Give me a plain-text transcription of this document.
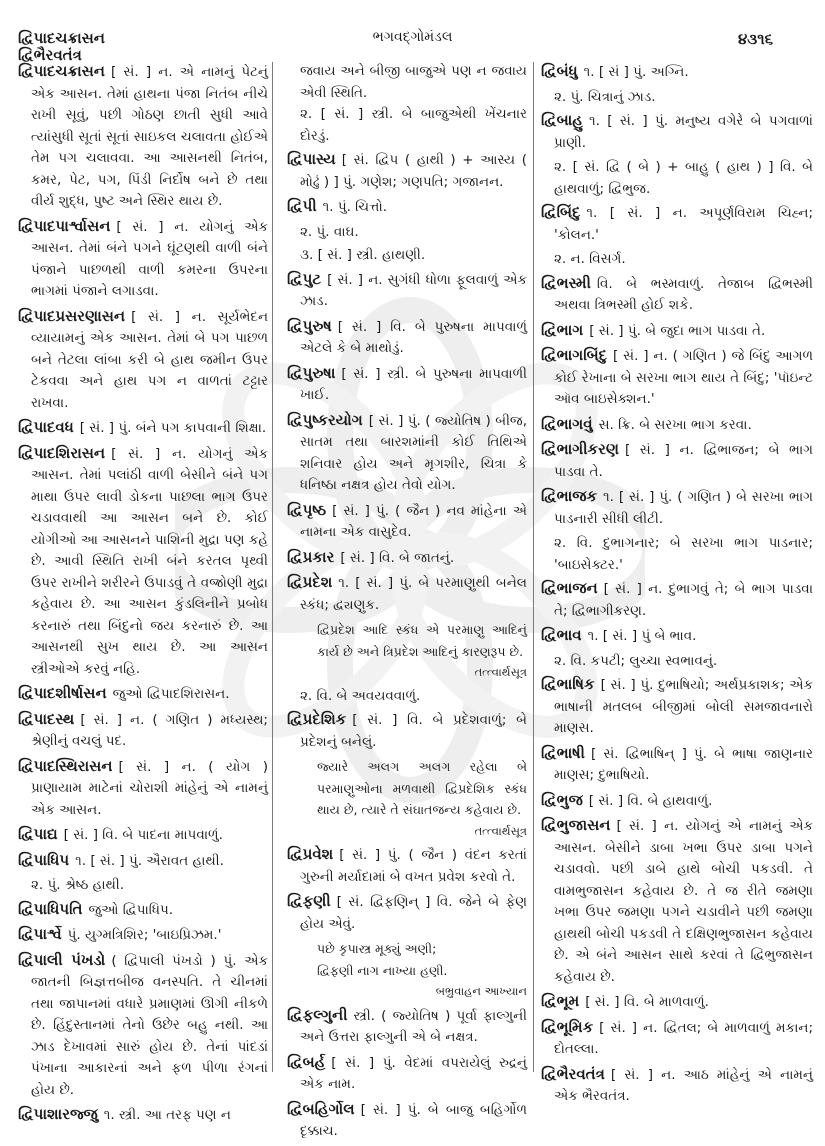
દ્વિપાદચક્રાસન
દ્વિભૈરવતંત્ર
ભગવદ્ગોમંડલ	૪૩૧૬
દ્વિપાદચક્રાસન [ સં. ] ન. એ નામનું પેટનું એક આસન. તેમાં હાથના પંજા નિતંબ નીચે રાખી સૂવું, પછી ગોઠણ છાતી સુધી આવે ત્યાંસુધી સૂતાં સૂતાં સાઇકલ ચલાવતા હોઈએ તેમ પગ ચલાવવા. આ આસનથી નિતંબ, કમર, પેટ, પગ, પિંડી નિર્દોષ બને છે તથા વીર્ય શુદ્ધ, પુષ્ટ અને સ્થિર થાય છે.
દ્વિપાદપાર્શ્વાસન [ સં. ] ન. યોગનું એક આસન. તેમાં બંને પગને ઘૂંટણથી વાળી બંને પંજાને પાછળથી વાળી કમરના ઉપરના ભાગમાં પંજાને લગાડવા.
દ્વિપાદપ્રસરણાસન [ સં. ] ન. સૂર્યભેદન વ્યાયામનું એક આસન. તેમાં બે પગ પાછળ બને તેટલા લાંબા કરી બે હાથ જમીન ઉપર ટેકવવા અને હાથ પગ ન વાળતાં ટટ્ટાર રાખવા.
દ્વિપાદવધ [ સં. ] પું. બંને પગ કાપવાની શિક્ષા.
દ્વિપાદશિરાસન [ સં. ] ન. યોગનું એક આસન. તેમાં પલાંઠી વાળી બેસીને બંને પગ માથા ઉપર લાવી ડોકના પાછલા ભાગ ઉપર ચડાવવાથી આ આસન બને છે. કોઈ યોગીઓ આ આસનને પાશિની મુદ્રા પણ કહે છે. આવી સ્થિતિ રાખી બંને કરતલ પૃથ્વી ઉપર રાખીને શરીરને ઉપાડવું તે વજ્રોણી મુદ્રા કહેવાય છે. આ આસન કુંડલિનીને પ્રબોધ કરનારું તથા બિંદુનો જય કરનારું છે. આ આસનથી સુખ થાય છે. આ આસન સ્ત્રીઓએ કરવું નહિ.
દ્વિપાદશીર્ષાસન જુઓ દ્વિપાદશિરાસન.
દ્વિપાદસ્થ [ સં. ] ન. ( ગણિત ) મધ્યસ્થ; શ્રેણીનું વચલું પદ.
દ્વિપાદસ્થિરાસન [ સં. ] ન. ( યોગ ) પ્રાણાયામ માટેનાં ચોરાશી માંહેનું એ નામનું એક આસન.
દ્વિપાદ્ય [ સં. ] વિ. બે પાદના માપવાળું.
દ્વિપાધિપ ૧. [ સં. ] પું. ઐરાવત હાથી.
૨. પું. શ્રેષ્ઠ હાથી.
દ્વિપાધિપતિ જુઓ દ્વિપાધિપ.
દ્વિપાર્શ્વે પું. યુગ્મત્રિશિર; 'બાઇપ્રિઝમ.'
દ્વિપાલી પંખડો ( દ્વિપાલી પંખડો ) પું. એક જાતની બિજ્ઞત્તબીજ વનસ્પતિ. તે ચીનમાં તથા જાપાનમાં વધારે પ્રમાણમાં ઊગી નીકળે છે. હિંદુસ્તાનમાં તેનો ઉછેર બહુ નથી. આ ઝાડ દેખાવમાં સારું હોય છે. તેનાં પાંદડાં પંખાના આકારનાં અને ફળ પીળા રંગનાં હોય છે.
દ્વિપાશારજ્જુ ૧. સ્ત્રી. આ તરફ પણ ન
જવાય અને બીજી બાજુએ પણ ન જવાય એવી સ્થિતિ.
૨. [ સં. ] સ્ત્રી. બે બાજુએથી ખેંચનાર દોરડું.
દ્વિપાસ્ય [ સં. દ્વિપ ( હાથી ) + આસ્ય ( મોઢું ) ] પું. ગણેશ; ગણપતિ; ગજાનન.
દ્વિપી ૧. પું. ચિત્તો.
૨. પું. વાઘ.
૩. [ સં. ] સ્ત્રી. હાથણી.
દ્વિપુટ [ સં. ] ન. સુગંધી ધોળા ફૂલવાળું એક ઝાડ.
દ્વિપુરુષ [ સં. ] વિ. બે પુરુષના માપવાળું એટલે કે બે માથોડું.
દ્વિપુરુષા [ સં. ] સ્ત્રી. બે પુરુષના માપવાળી ખાઈ.
દ્વિપુષ્કરયોગ [ સં. ] પું. ( જ્યોતિષ ) બીજ, સાતમ તથા બારશમાંની કોઈ તિથિએ શનિવાર હોય અને મૃગશીર, ચિત્રા કે ધનિષ્ઠા નક્ષત્ર હોય તેવો યોગ.
દ્વિપૃષ્ઠ [ સં. ] પું. ( જૈન ) નવ માંહેના એ નામના એક વાસુદેવ.
દ્વિપ્રકાર [ સં. ] વિ. બે જાતનું.
દ્વિપ્રદેશ ૧. [ સં. ] પું. બે પરમાણુથી બનેલ સ્કંધ; દ્વ્યણુક.
દ્વિપ્રદેશ આદિ સ્કંધ એ પરમાણુ આદિનું કાર્ય છે અને ત્રિપ્રદેશ આદિનું કારણરૂપ છે.
તત્ત્વાર્થસૂત્ર
૨. વિ. બે અવયવવાળું.
દ્વિપ્રદેશિક [ સં. ] વિ. બે પ્રદેશવાળું; બે પ્રદેશનું બનેલું.
જ્યારે અલગ અલગ રહેલા બે પરમાણુઓના મળવાથી દ્વિપ્રદેશિક સ્કંધ થાય છે, ત્યારે તે સંઘાતજન્ય કહેવાય છે.
તત્ત્વાર્થસૂત્ર
દ્વિપ્રવેશ [ સં. ] પું. ( જૈન ) વંદન કરતાં ગુરુની મર્યાદામાં બે વખત પ્રવેશ કરવો તે.
દ્વિફણી [ સં. દ્વિફણિન્ ] વિ. જેને બે ફેણ હોય એવું.
પછે કૃપાસ્ત્ર મૂક્યું અણી;
દ્વિફણી નાગ નાખ્યા હણી.
બભ્રુવાહન આખ્યાન
દ્વિફલ્ગુની સ્ત્રી. ( જ્યોતિષ ) પૂર્વા ફાલ્ગુની અને ઉત્તરા ફાલ્ગુની એ બે નક્ષત્ર.
દ્વિબર્હ [ સં. ] પું. વેદમાં વપરાયેલું રુદ્રનું એક નામ.
દ્વિબહિર્ગોલ [ સં. ] પું. બે બાજુ બહિર્ગોળ દૃક્કાચ.
દ્વિબંધુ ૧. [ સં ] પું. અગ્નિ.
૨. પું. ચિત્રાનું ઝાડ.
દ્વિબાહુ ૧. [ સં. ] પું. મનુષ્ય વગેરે બે પગવાળાં પ્રાણી.
૨. [ સં. દ્વિ ( બે ) + બાહુ ( હાથ ) ] વિ. બે હાથવાળું; દ્વિભુજ.
દ્વિબિંદુ ૧. [ સં. ] ન. અપૂર્ણવિરામ ચિહ્ન; 'કોલન.'
૨. ન. વિસર્ગ.
દ્વિભસ્મી વિ. બે ભસ્મવાળું. તેજાબ દ્વિભસ્મી અથવા ત્રિભસ્મી હોઈ શકે.
દ્વિભાગ [ સં. ] પું. બે જુદા ભાગ પાડવા તે.
દ્વિભાગબિંદુ [ સં. ] ન. ( ગણિત ) જે બિંદુ આગળ કોઈ રેખાના બે સરખા ભાગ થાય તે બિંદુ; 'પૉઇન્ટ ઑવ બાઇસેક્શન.'
દ્વિભાગવું સ. ક્રિ. બે સરખા ભાગ કરવા.
દ્વિભાગીકરણ [ સં. ] ન. દ્વિભાજન; બે ભાગ પાડવા તે.
દ્વિભાજક ૧. [ સં. ] પું. ( ગણિત ) બે સરખા ભાગ પાડનારી સીધી લીટી.
૨. વિ. દુભાગનાર; બે સરખા ભાગ પાડનાર; 'બાઇસેક્ટર.'
દ્વિભાજન [ સં. ] ન. દુભાગવું તે; બે ભાગ પાડવા તે; દ્વિભાગીકરણ.
દ્વિભાવ ૧. [ સં. ] પું બે ભાવ.
૨. વિ. કપટી; લુચ્ચા સ્વભાવનું.
દ્વિભાષિક [ સં. ] પું. દુભાષિયો; અર્થપ્રકાશક; એક ભાષાની મતલબ બીજીમાં બોલી સમજાવનારો માણસ.
દ્વિભાષી [ સં. દ્વિભાષિન્ ] પું. બે ભાષા જાણનાર માણસ; દુભાષિયો.
દ્વિભુજ [ સં. ] વિ. બે હાથવાળું.
દ્વિભુજાસન [ સં. ] ન. યોગનું એ નામનું એક આસન. બેસીને ડાબા ખભા ઉપર ડાબા પગને ચડાવવો. પછી ડાબે હાથે બોચી પકડવી. તે વામભુજાસન કહેવાય છે. તે જ રીતે જમણા ખભા ઉપર જમણા પગને ચડાવીને પછી જમણા હાથથી બોચી પકડવી તે દક્ષિણભુજાસન કહેવાય છે. એ બંને આસન સાથે કરવાં તે દ્વિભુજાસન કહેવાય છે.
દ્વિભૂમ [ સં. ] વિ. બે માળવાળું.
દ્વિભૂમિક [ સં. ] ન. દ્વિતલ; બે માળવાળું મકાન; દોતલ્લા.
દ્વિભૈરવતંત્ર [ સં. ] ન. આઠ માંહેનું એ નામનું એક ભૈરવતંત્ર.
